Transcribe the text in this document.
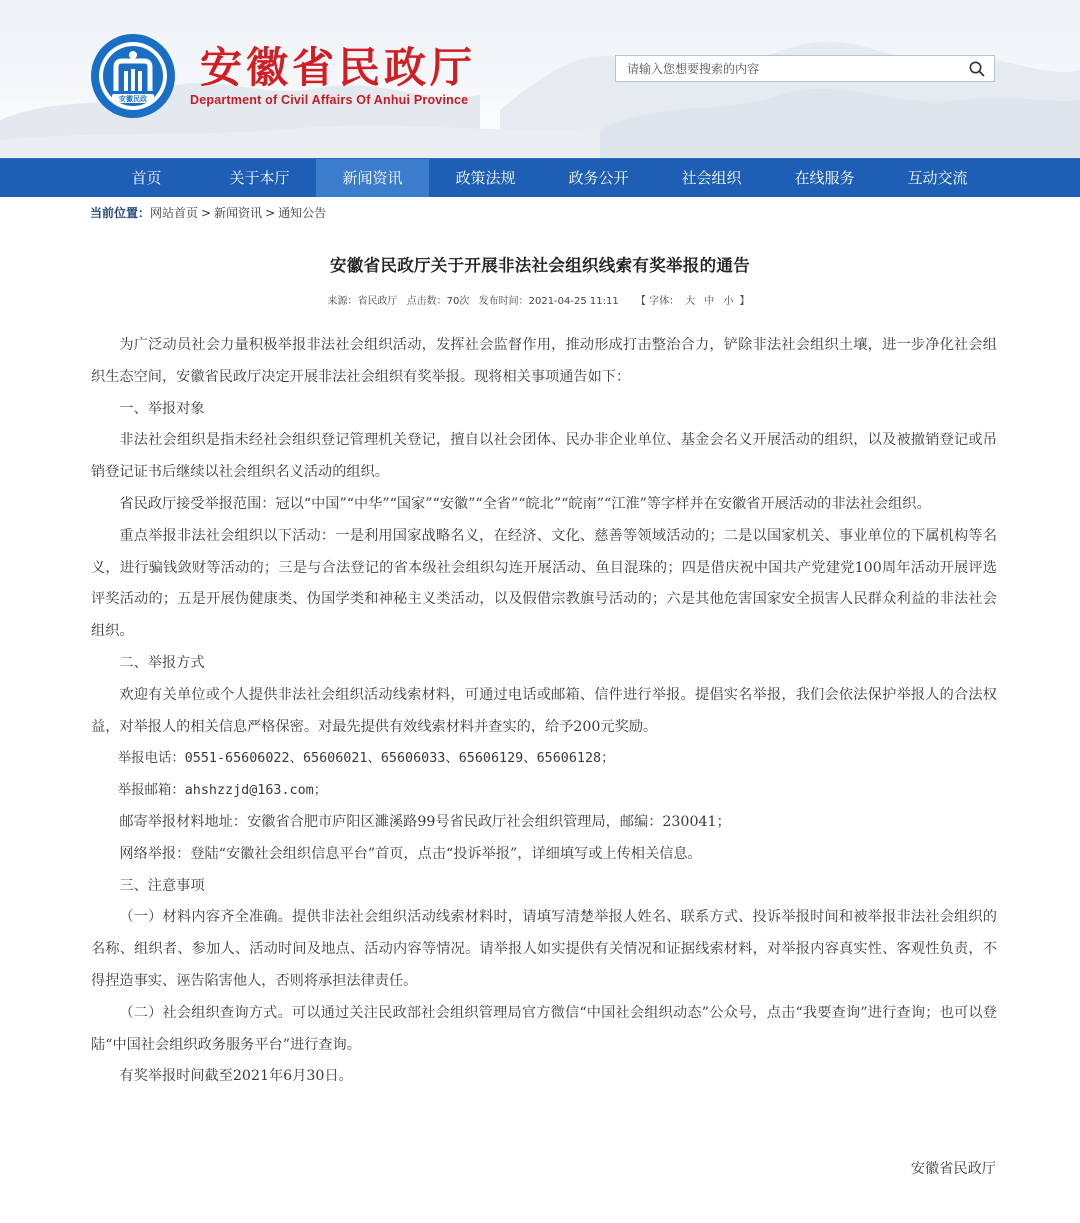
安徽民政
安徽省民政厅
Department of Civil Affairs Of Anhui Province
请输入您想要搜索的内容
首页	关于本厅	新闻资讯	政策法规	政务公开	社会组织	在线服务	互动交流
当前位置：网站首页 > 新闻资讯 > 通知公告
安徽省民政厅关于开展非法社会组织线索有奖举报的通告
来源：省民政厅 点击数：70次 发布时间：2021-04-25 11:11 【 字体： 大 中 小 】

为广泛动员社会力量积极举报非法社会组织活动，发挥社会监督作用，推动形成打击整治合力，铲除非法社会组织土壤，进一步净化社会组织生态空间，安徽省民政厅决定开展非法社会组织有奖举报。现将相关事项通告如下：

一、举报对象

非法社会组织是指未经社会组织登记管理机关登记，擅自以社会团体、民办非企业单位、基金会名义开展活动的组织，以及被撤销登记或吊销登记证书后继续以社会组织名义活动的组织。

省民政厅接受举报范围：冠以“中国”“中华”“国家”“安徽”“全省”“皖北”“皖南”“江淮”等字样并在安徽省开展活动的非法社会组织。

重点举报非法社会组织以下活动：一是利用国家战略名义，在经济、文化、慈善等领域活动的；二是以国家机关、事业单位的下属机构等名义，进行骗钱敛财等活动的；三是与合法登记的省本级社会组织勾连开展活动、鱼目混珠的；四是借庆祝中国共产党建党100周年活动开展评选评奖活动的；五是开展伪健康类、伪国学类和神秘主义类活动，以及假借宗教旗号活动的；六是其他危害国家安全损害人民群众利益的非法社会组织。

二、举报方式

欢迎有关单位或个人提供非法社会组织活动线索材料，可通过电话或邮箱、信件进行举报。提倡实名举报，我们会依法保护举报人的合法权益，对举报人的相关信息严格保密。对最先提供有效线索材料并查实的，给予200元奖励。

举报电话：0551-65606022、65606021、65606033、65606129、65606128；

举报邮箱：ahshzzjd@163.com；

邮寄举报材料地址：安徽省合肥市庐阳区濉溪路99号省民政厅社会组织管理局，邮编：230041；

网络举报：登陆“安徽社会组织信息平台”首页，点击“投诉举报”，详细填写或上传相关信息。

三、注意事项

（一）材料内容齐全准确。提供非法社会组织活动线索材料时，请填写清楚举报人姓名、联系方式、投诉举报时间和被举报非法社会组织的名称、组织者、参加人、活动时间及地点、活动内容等情况。请举报人如实提供有关情况和证据线索材料，对举报内容真实性、客观性负责，不得捏造事实、诬告陷害他人，否则将承担法律责任。

（二）社会组织查询方式。可以通过关注民政部社会组织管理局官方微信“中国社会组织动态”公众号，点击“我要查询”进行查询；也可以登陆“中国社会组织政务服务平台”进行查询。

有奖举报时间截至2021年6月30日。

安徽省民政厅
